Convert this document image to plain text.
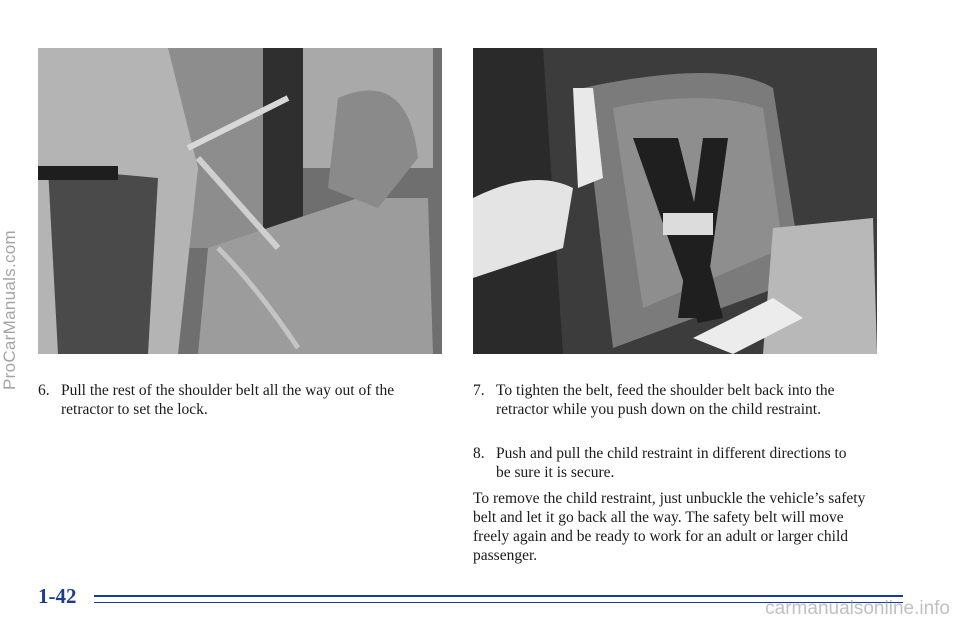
6. Pull the rest of the shoulder belt all the way out of the retractor to set the lock.
7. To tighten the belt, feed the shoulder belt back into the retractor while you push down on the child restraint.
8. Push and pull the child restraint in different directions to be sure it is secure.

To remove the child restraint, just unbuckle the vehicle’s safety belt and let it go back all the way. The safety belt will move freely again and be ready to work for an adult or larger child passenger.

1-42
ProCarManuals.com
carmanualsonline.info
